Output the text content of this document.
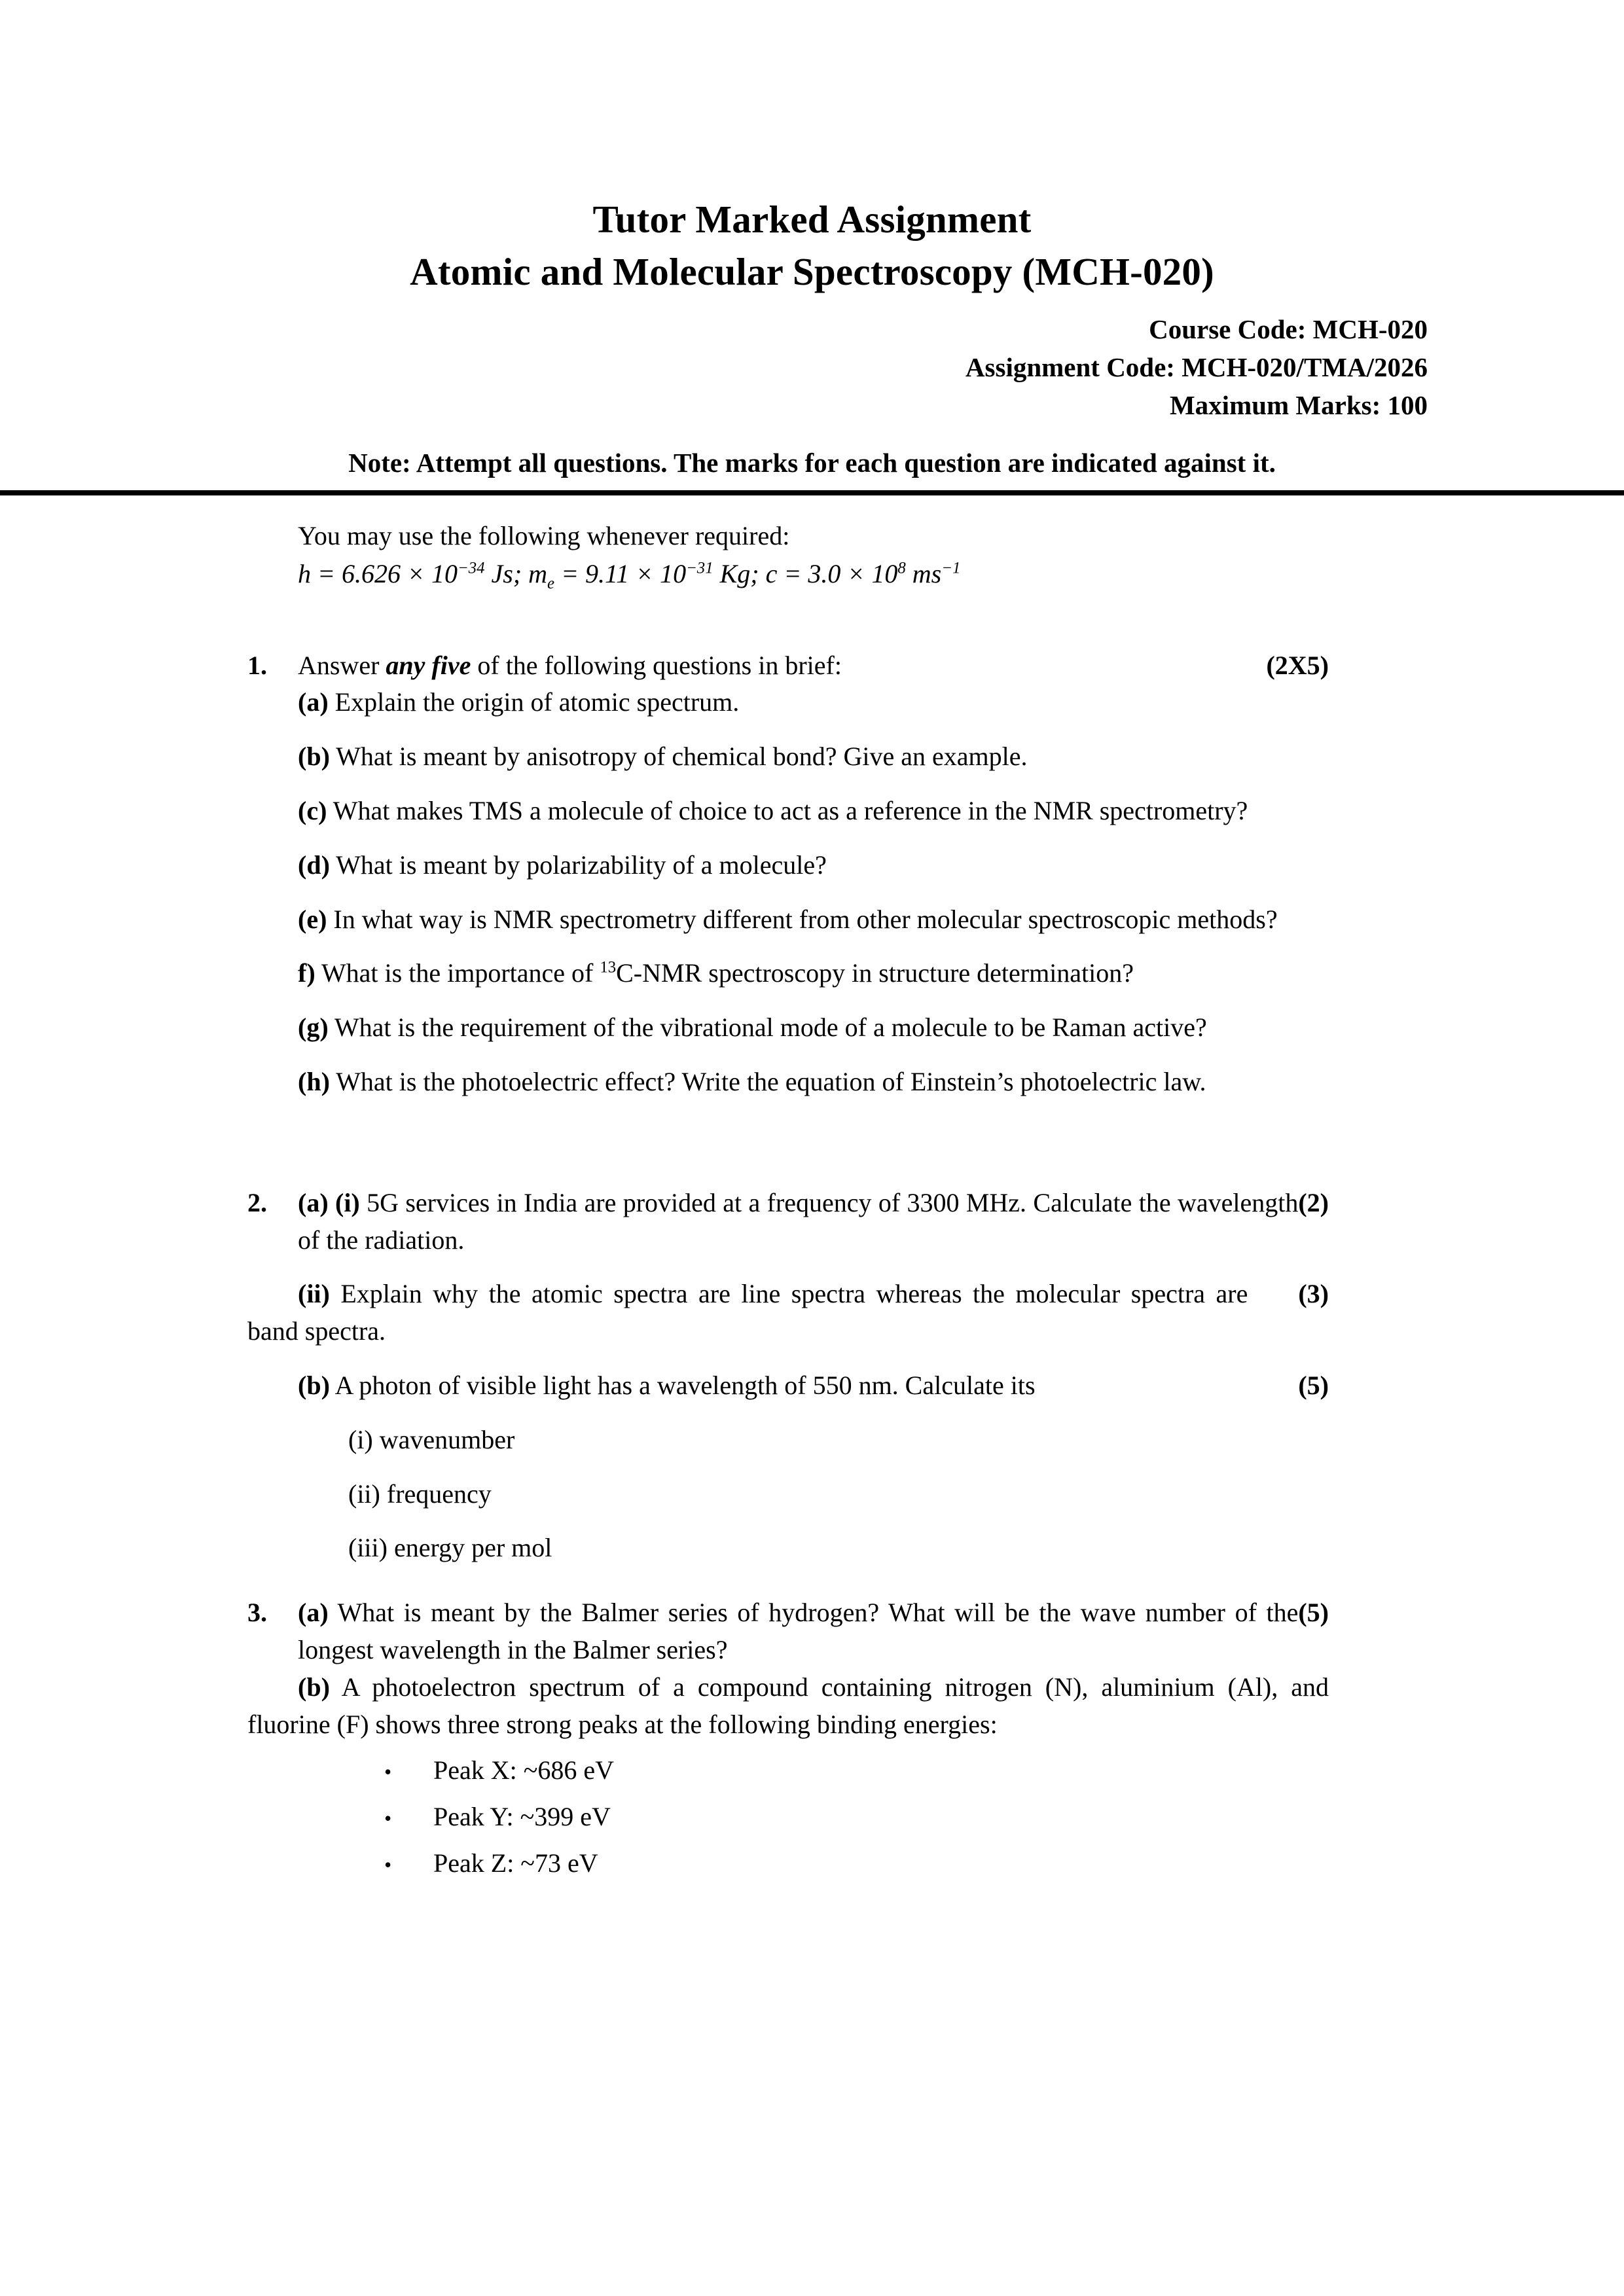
Tutor Marked Assignment
Atomic and Molecular Spectroscopy (MCH-020)
Course Code: MCH-020
Assignment Code: MCH-020/TMA/2026
Maximum Marks: 100
Note: Attempt all questions. The marks for each question are indicated against it.
You may use the following whenever required:
$h = 6.626 \times 10^{-34}$ Js; $m_e = 9.11 \times 10^{-31}$ Kg; $c = 3.0 \times 10^8$ $ms^{-1}$
1.	(2X5)
Answer any five of the following questions in brief:
(a) Explain the origin of atomic spectrum.
(b) What is meant by anisotropy of chemical bond? Give an example.
(c) What makes TMS a molecule of choice to act as a reference in the NMR spectrometry?
(d) What is meant by polarizability of a molecule?
(e) In what way is NMR spectrometry different from other molecular spectroscopic methods?
f) What is the importance of $^{13}$C-NMR spectroscopy in structure determination?
(g) What is the requirement of the vibrational mode of a molecule to be Raman active?
(h) What is the photoelectric effect? Write the equation of Einstein’s photoelectric law.
2.	(2)
(a) (i) 5G services in India are provided at a frequency of 3300 MHz. Calculate the wavelength of the radiation.
(3)
(ii) Explain why the atomic spectra are line spectra whereas the molecular spectra are band spectra.
(5)
(b) A photon of visible light has a wavelength of 550 nm. Calculate its
(i) wavenumber
(ii) frequency
(iii) energy per mol
3.	(5)
(a) What is meant by the Balmer series of hydrogen? What will be the wave number of the longest wavelength in the Balmer series?
(b) A photoelectron spectrum of a compound containing nitrogen (N), aluminium (Al), and fluorine (F) shows three strong peaks at the following binding energies:
•	Peak X: ~686 eV
•	Peak Y: ~399 eV
•	Peak Z: ~73 eV
